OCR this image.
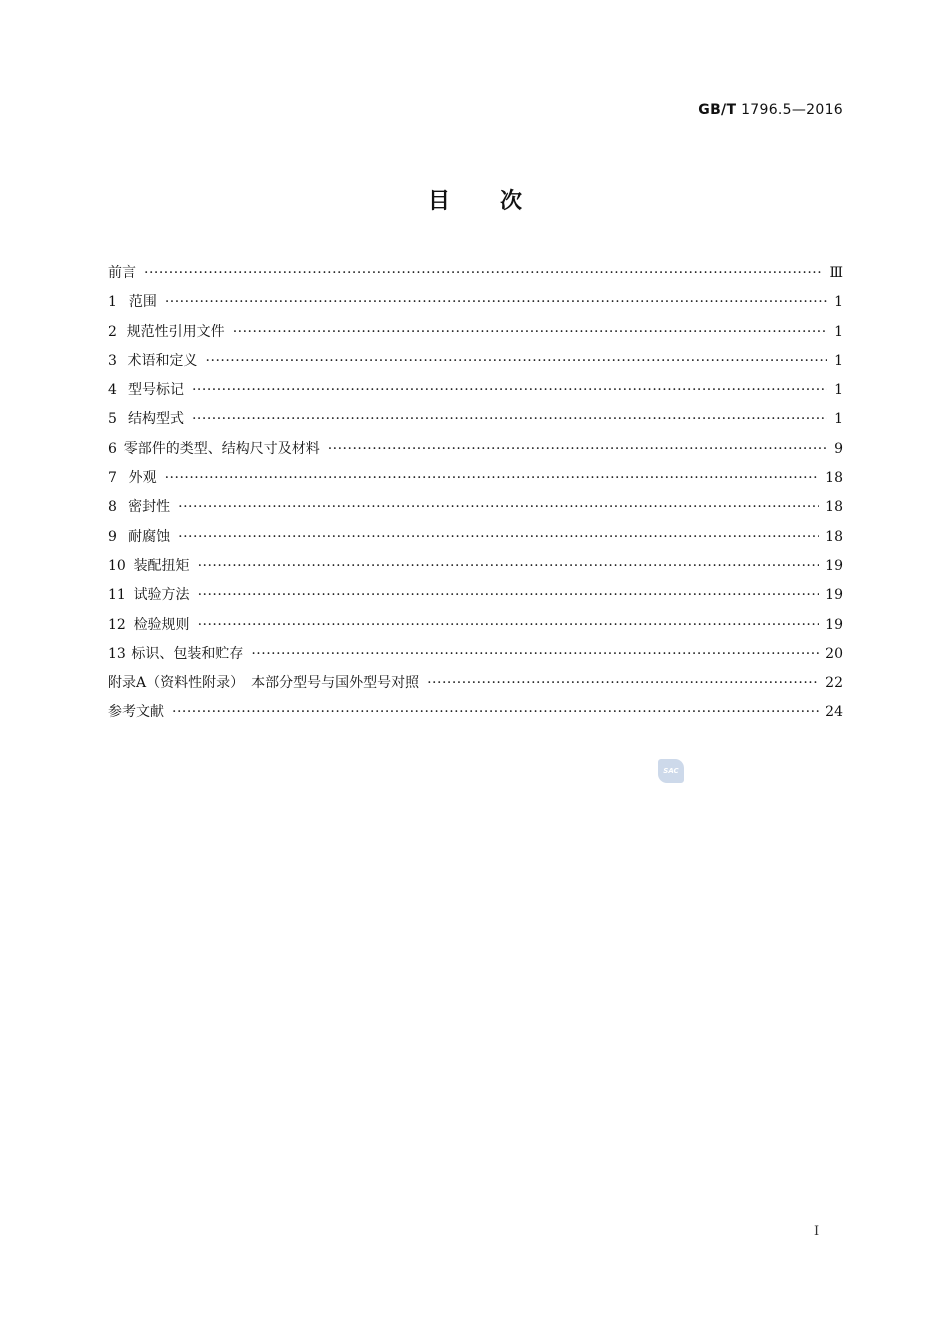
GB/T 1796.5—2016
目 次
前言 ·····	Ⅲ
1 范围 ·····	1
2 规范性引用文件 ·····	1
3 术语和定义 ·····	1
4 型号标记 ·····	1
5 结构型式 ·····	1
6 零部件的类型、结构尺寸及材料 ·····	9
7 外观 ·····	18
8 密封性 ·····	18
9 耐腐蚀 ·····	18
10 装配扭矩 ·····	19
11 试验方法 ·····	19
12 检验规则 ·····	19
13 标识、包装和贮存 ·····	20
附录A（资料性附录）　本部分型号与国外型号对照 ·····	22
参考文献 ·····	24
SAC
I
